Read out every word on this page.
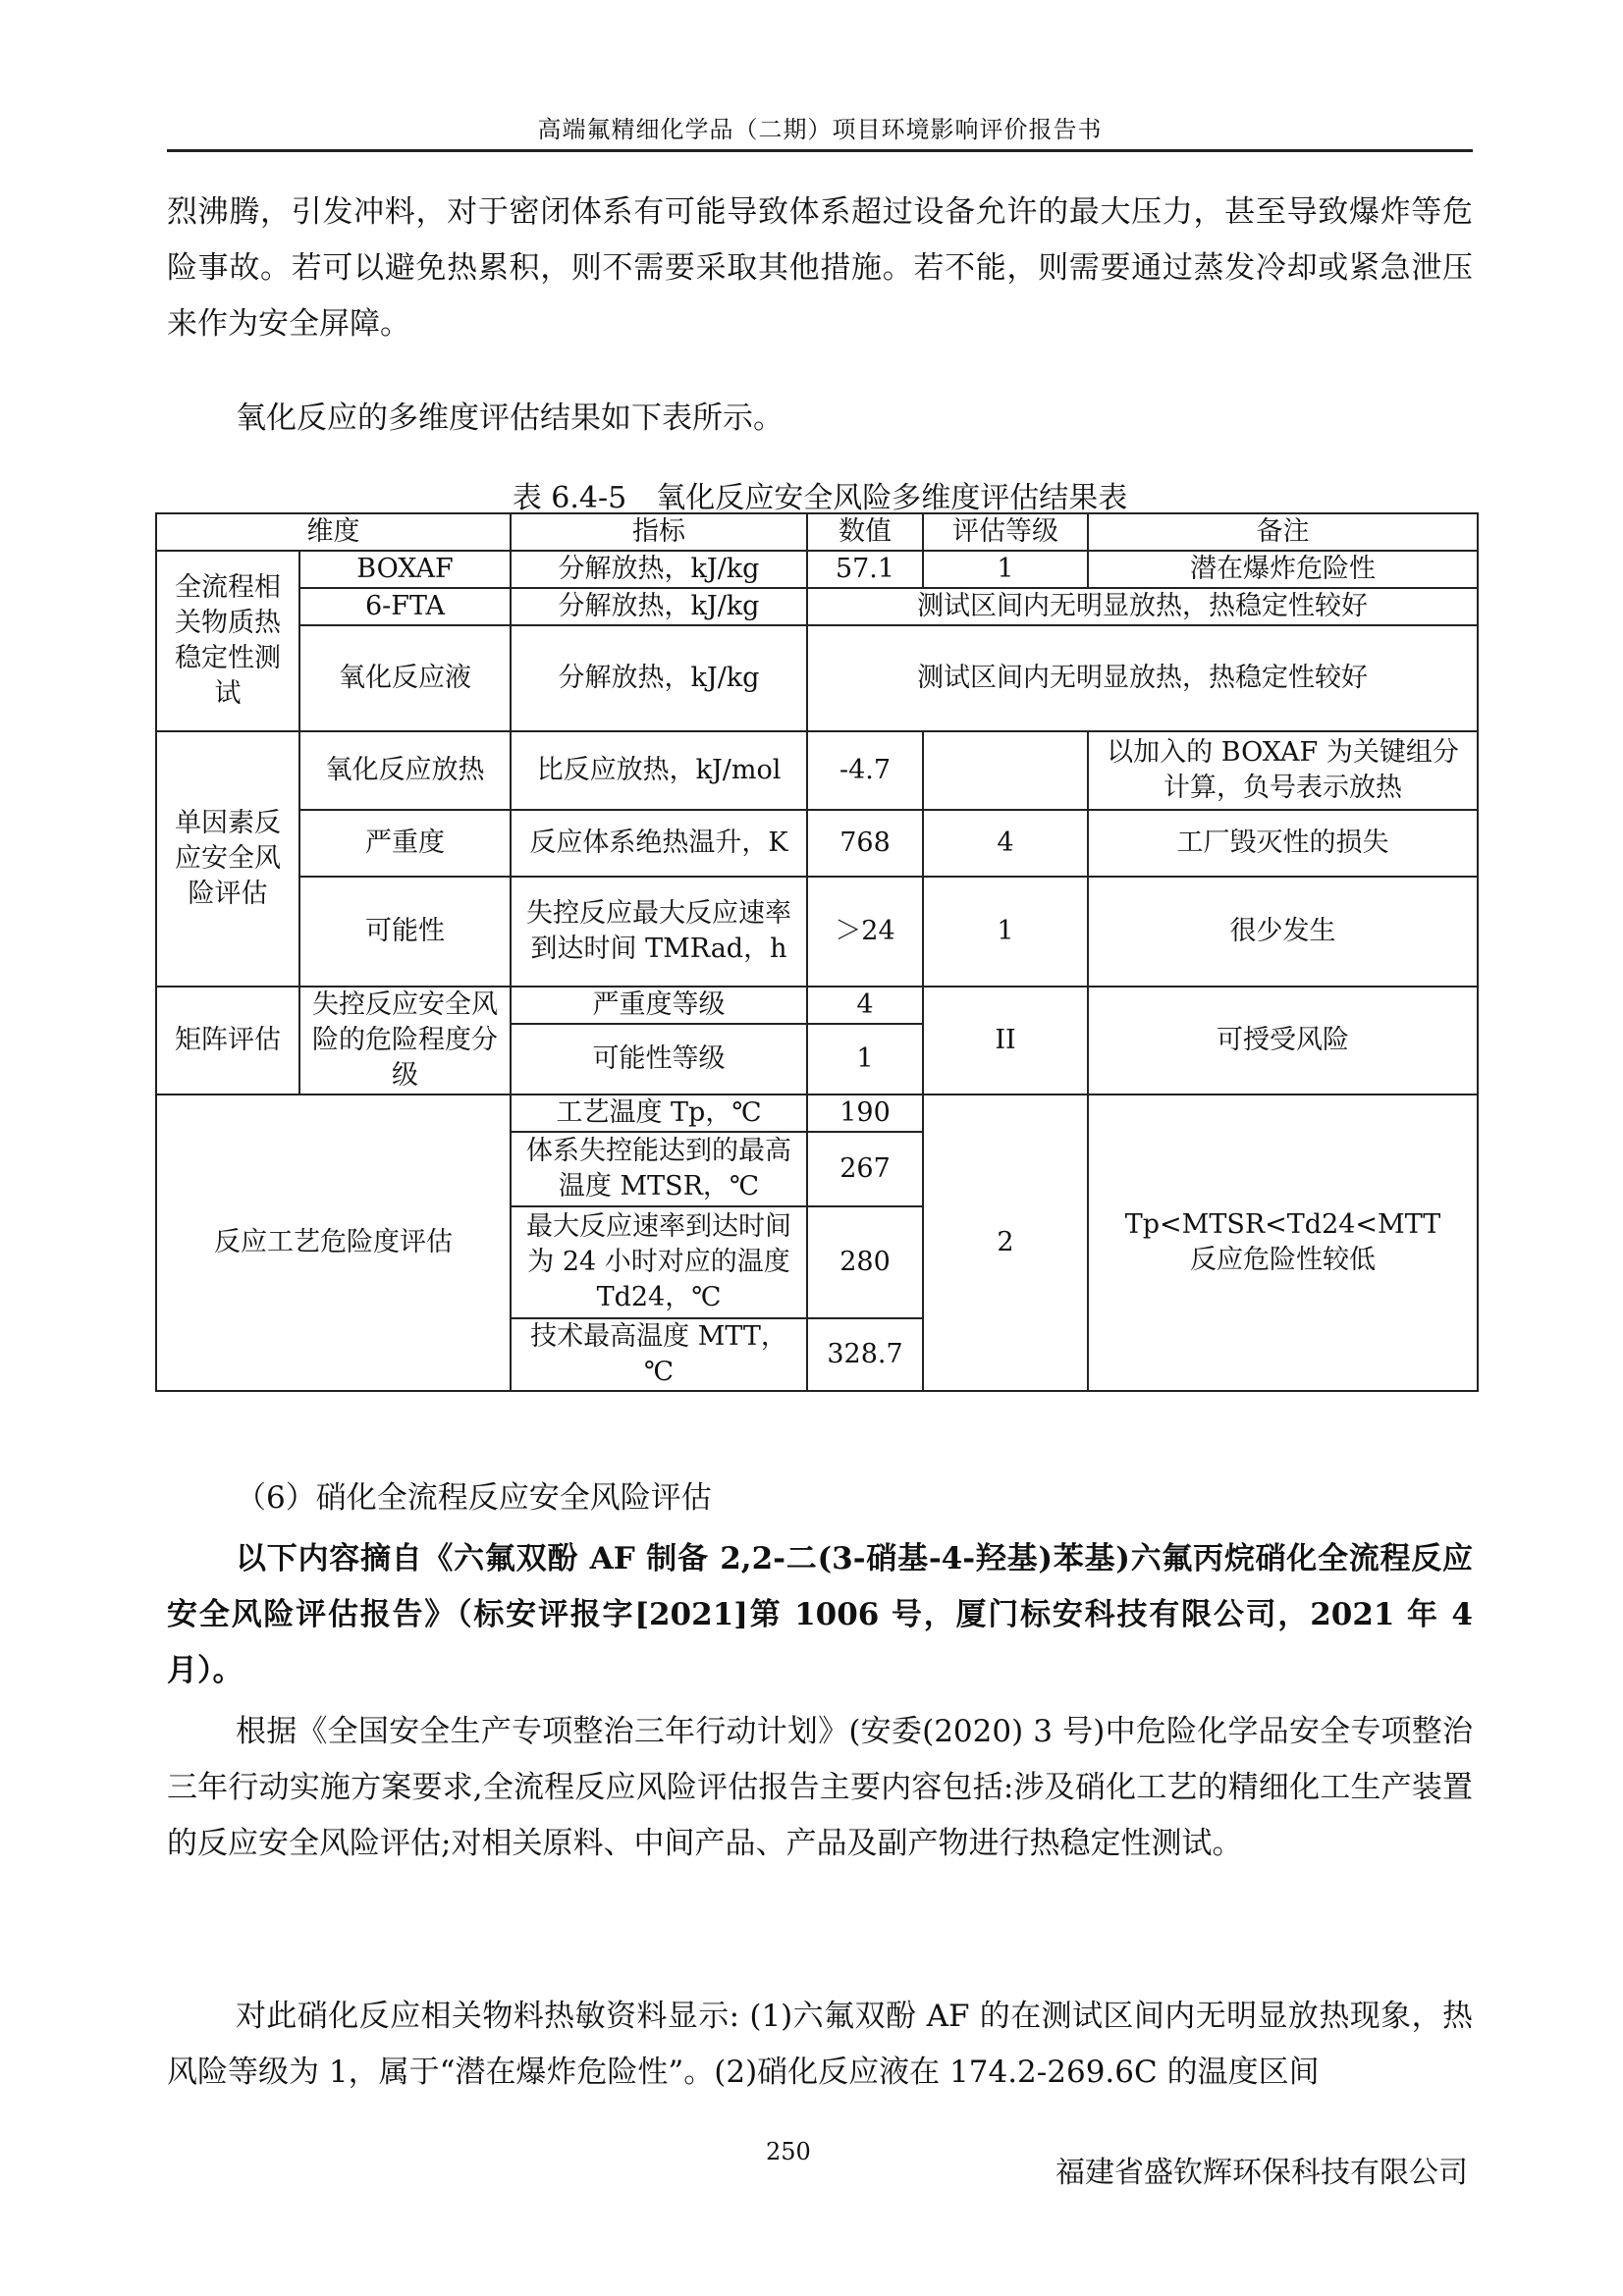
高端氟精细化学品（二期）项目环境影响评价报告书

烈沸腾，引发冲料，对于密闭体系有可能导致体系超过设备允许的最大压力，甚至导致爆炸等危险事故。若可以避免热累积，则不需要采取其他措施。若不能，则需要通过蒸发冷却或紧急泄压来作为安全屏障。

氧化反应的多维度评估结果如下表所示。

表 6.4-5　氧化反应安全风险多维度评估结果表
维度		指标	数值	评估等级	备注
全流程相关物质热稳定性测试	BOXAF	分解放热，kJ/kg	57.1	1	潜在爆炸危险性
	6-FTA	分解放热，kJ/kg	测试区间内无明显放热，热稳定性较好		
	氧化反应液	分解放热，kJ/kg	测试区间内无明显放热，热稳定性较好		
单因素反应安全风险评估	氧化反应放热	比反应放热，kJ/mol	-4.7		以加入的 BOXAF 为关键组分计算，负号表示放热
	严重度	反应体系绝热温升，K	768	4	工厂毁灭性的损失
	可能性	失控反应最大反应速率到达时间 TMRad，h	＞24	1	很少发生
矩阵评估	失控反应安全风险的危险程度分级	严重度等级	4	II	可授受风险
		可能性等级	1		
反应工艺危险度评估		工艺温度 Tp，℃	190	2	Tp<MTSR<Td24<MTT
反应危险性较低

		体系失控能达到的最高温度 MTSR，℃	267		
		最大反应速率到达时间为 24 小时对应的温度 Td24，℃	280		
		技术最高温度 MTT，℃	328.7		

（6）硝化全流程反应安全风险评估

以下内容摘自《六氟双酚 AF 制备 2,2-二(3-硝基-4-羟基)苯基)六氟丙烷硝化全流程反应安全风险评估报告》（标安评报字[2021]第 1006 号，厦门标安科技有限公司，2021 年 4 月）。

根据《全国安全生产专项整治三年行动计划》(安委(2020) 3 号)中危险化学品安全专项整治三年行动实施方案要求,全流程反应风险评估报告主要内容包括:涉及硝化工艺的精细化工生产装置的反应安全风险评估;对相关原料、中间产品、产品及副产物进行热稳定性测试。

对此硝化反应相关物料热敏资料显示: (1)六氟双酚 AF 的在测试区间内无明显放热现象，热风险等级为 1，属于“潜在爆炸危险性”。(2)硝化反应液在 174.2-269.6C 的温度区间

250
福建省盛钦辉环保科技有限公司
